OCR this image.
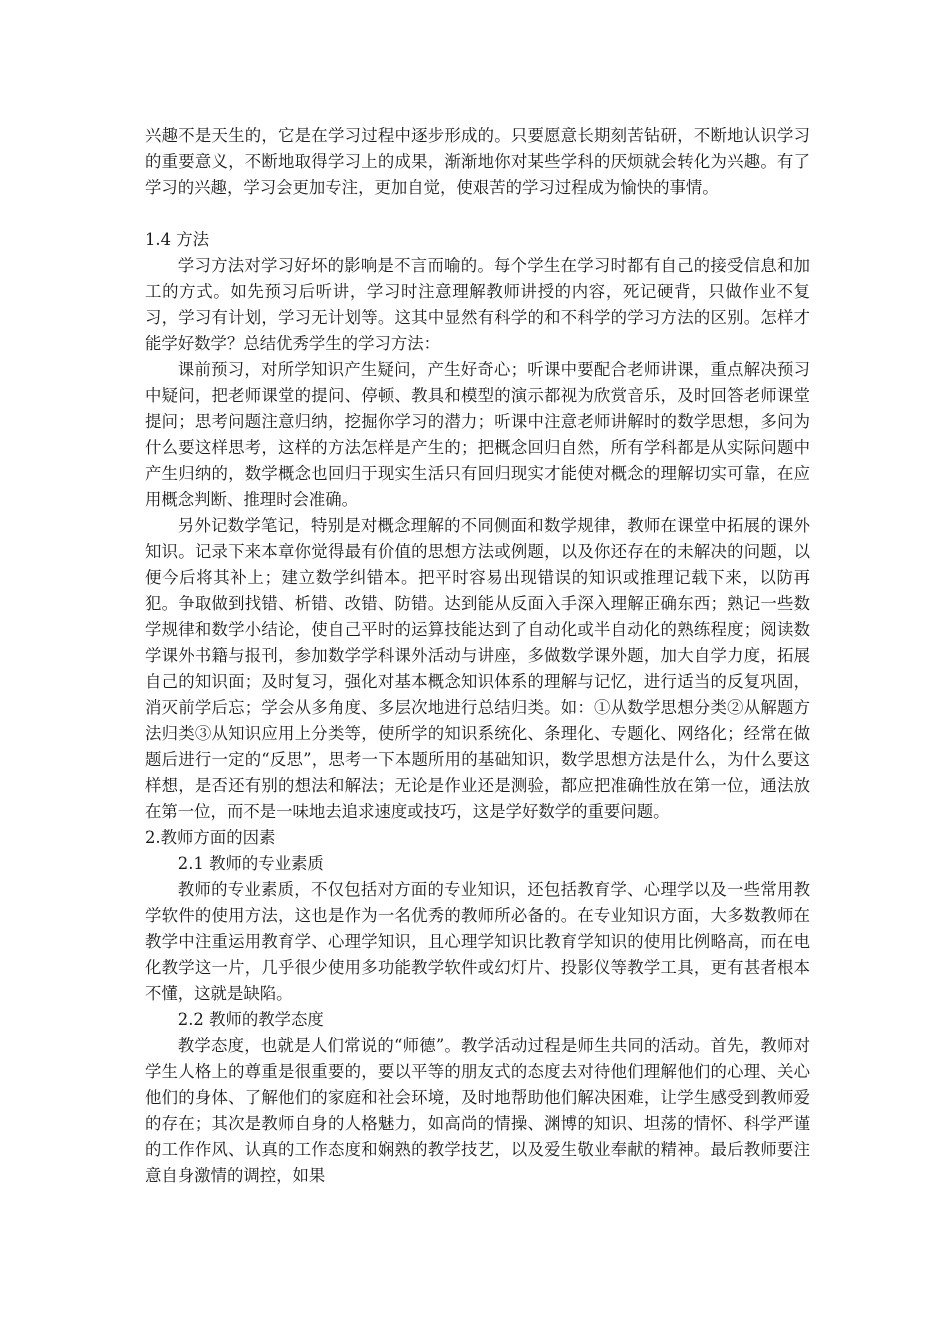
兴趣不是天生的，它是在学习过程中逐步形成的。只要愿意长期刻苦钻研，不断地认识学习的重要意义，不断地取得学习上的成果，渐渐地你对某些学科的厌烦就会转化为兴趣。有了学习的兴趣，学习会更加专注，更加自觉，使艰苦的学习过程成为愉快的事情。

1.4 方法

学习方法对学习好坏的影响是不言而喻的。每个学生在学习时都有自己的接受信息和加工的方式。如先预习后听讲，学习时注意理解教师讲授的内容，死记硬背，只做作业不复习，学习有计划，学习无计划等。这其中显然有科学的和不科学的学习方法的区别。怎样才能学好数学？总结优秀学生的学习方法：

课前预习，对所学知识产生疑问，产生好奇心；听课中要配合老师讲课，重点解决预习中疑问，把老师课堂的提问、停顿、教具和模型的演示都视为欣赏音乐，及时回答老师课堂提问；思考问题注意归纳，挖掘你学习的潜力；听课中注意老师讲解时的数学思想，多问为什么要这样思考，这样的方法怎样是产生的；把概念回归自然，所有学科都是从实际问题中产生归纳的，数学概念也回归于现实生活只有回归现实才能使对概念的理解切实可靠，在应用概念判断、推理时会准确。

另外记数学笔记，特别是对概念理解的不同侧面和数学规律，教师在课堂中拓展的课外知识。记录下来本章你觉得最有价值的思想方法或例题，以及你还存在的未解决的问题，以便今后将其补上；建立数学纠错本。把平时容易出现错误的知识或推理记载下来，以防再犯。争取做到找错、析错、改错、防错。达到能从反面入手深入理解正确东西；熟记一些数学规律和数学小结论，使自己平时的运算技能达到了自动化或半自动化的熟练程度；阅读数学课外书籍与报刊，参加数学学科课外活动与讲座，多做数学课外题，加大自学力度，拓展自己的知识面；及时复习，强化对基本概念知识体系的理解与记忆，进行适当的反复巩固，消灭前学后忘；学会从多角度、多层次地进行总结归类。如：①从数学思想分类②从解题方法归类③从知识应用上分类等，使所学的知识系统化、条理化、专题化、网络化；经常在做题后进行一定的“反思”，思考一下本题所用的基础知识，数学思想方法是什么，为什么要这样想，是否还有别的想法和解法；无论是作业还是测验，都应把准确性放在第一位，通法放在第一位，而不是一味地去追求速度或技巧，这是学好数学的重要问题。

2.教师方面的因素

2.1 教师的专业素质

教师的专业素质，不仅包括对方面的专业知识，还包括教育学、心理学以及一些常用教学软件的使用方法，这也是作为一名优秀的教师所必备的。在专业知识方面，大多数教师在教学中注重运用教育学、心理学知识，且心理学知识比教育学知识的使用比例略高，而在电化教学这一片，几乎很少使用多功能教学软件或幻灯片、投影仪等教学工具，更有甚者根本不懂，这就是缺陷。

2.2 教师的教学态度

教学态度，也就是人们常说的“师德”。教学活动过程是师生共同的活动。首先，教师对学生人格上的尊重是很重要的，要以平等的朋友式的态度去对待他们理解他们的心理、关心他们的身体、了解他们的家庭和社会环境，及时地帮助他们解决困难，让学生感受到教师爱的存在；其次是教师自身的人格魅力，如高尚的情操、渊博的知识、坦荡的情怀、科学严谨的工作作风、认真的工作态度和娴熟的教学技艺，以及爱生敬业奉献的精神。最后教师要注意自身激情的调控，如果
